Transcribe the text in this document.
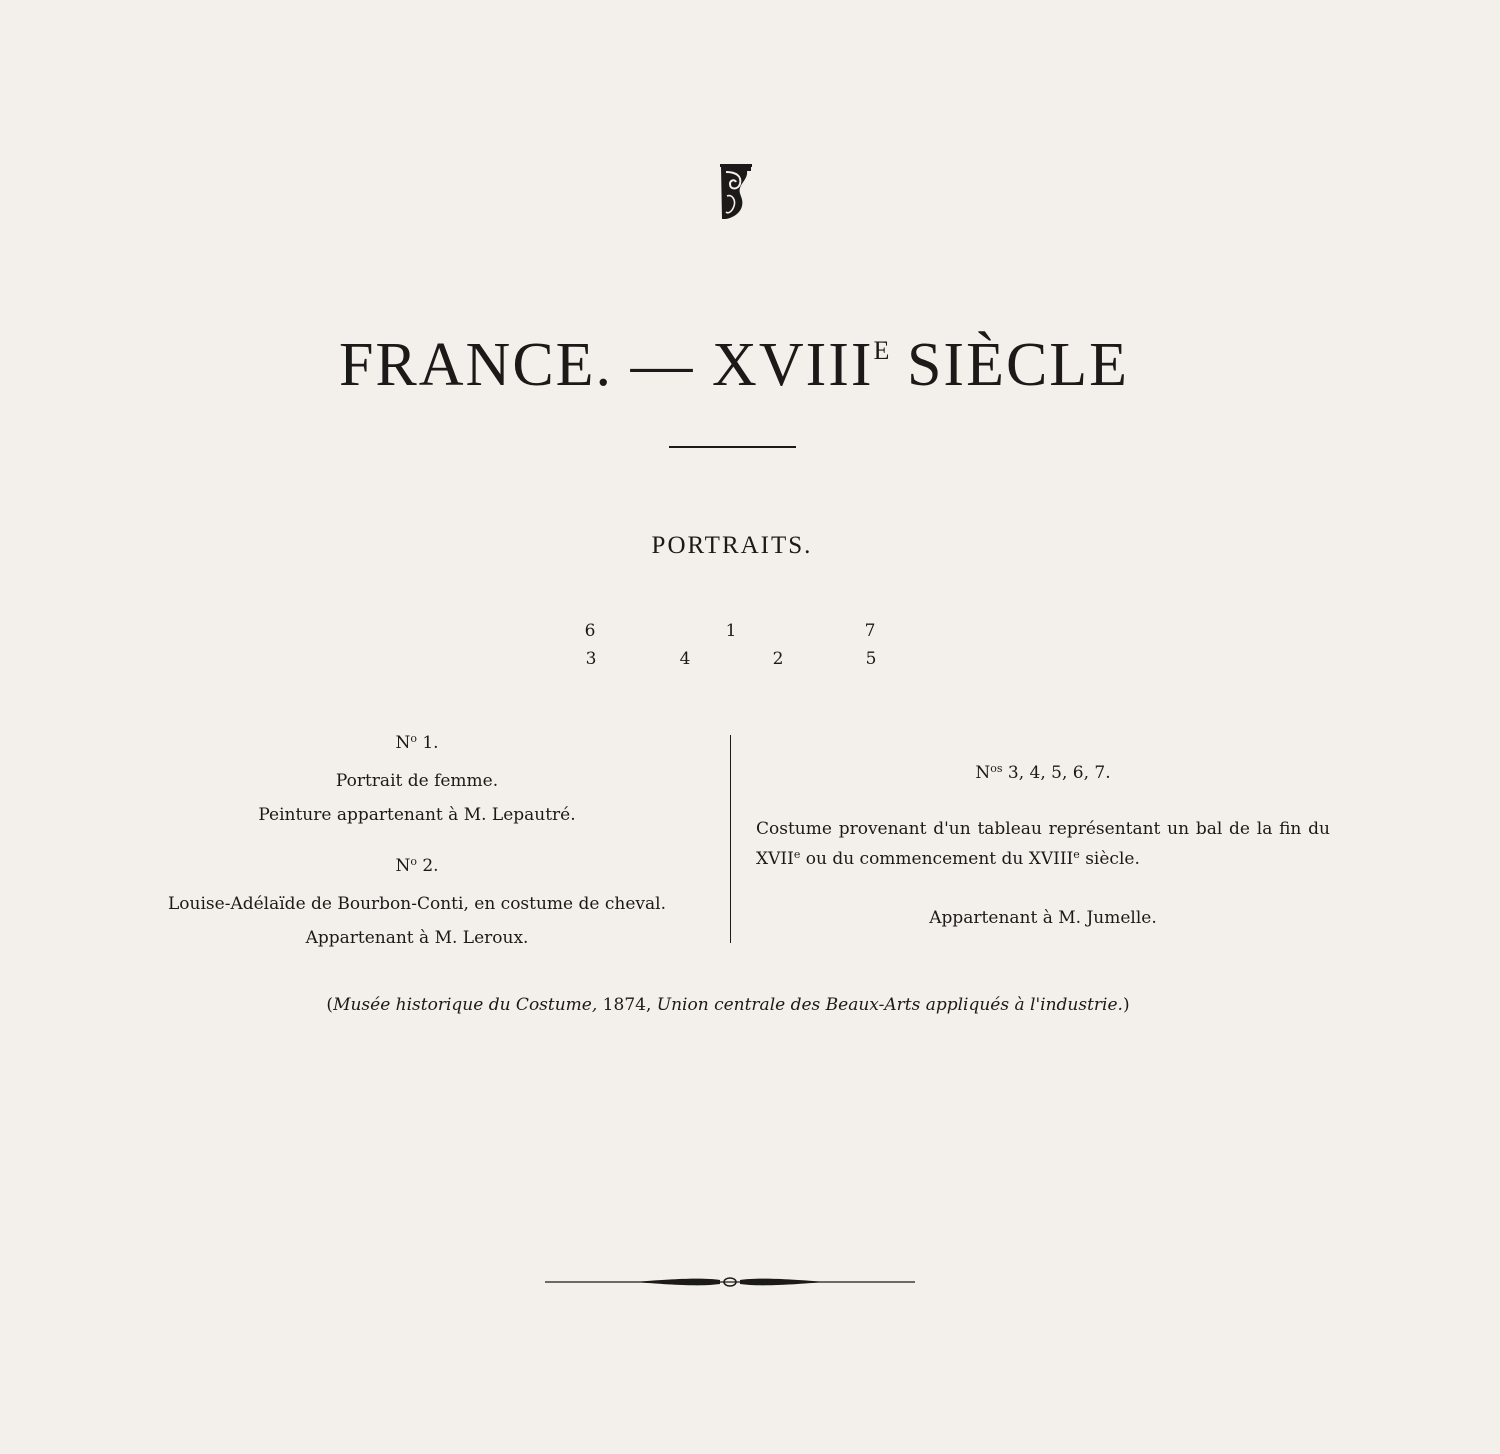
FRANCE. — $XVIII^E$ SIÈCLE
PORTRAITS.
6	1	7
3	4	2	5

$N^o$ 1.

Portrait de femme.

Peinture appartenant à M. Lepautré.

$N^o$ 2.

Louise-Adélaïde de Bourbon-Conti, en costume de cheval.

Appartenant à M. Leroux.

$N^{os}$ 3, 4, 5, 6, 7.
Costume provenant d'un tableau représentant un bal de la fin du XVIIe ou du commencement du XVIIIe siècle.
Appartenant à M. Jumelle.
(Musée historique du Costume, 1874, Union centrale des Beaux-Arts appliqués à l'industrie.)
